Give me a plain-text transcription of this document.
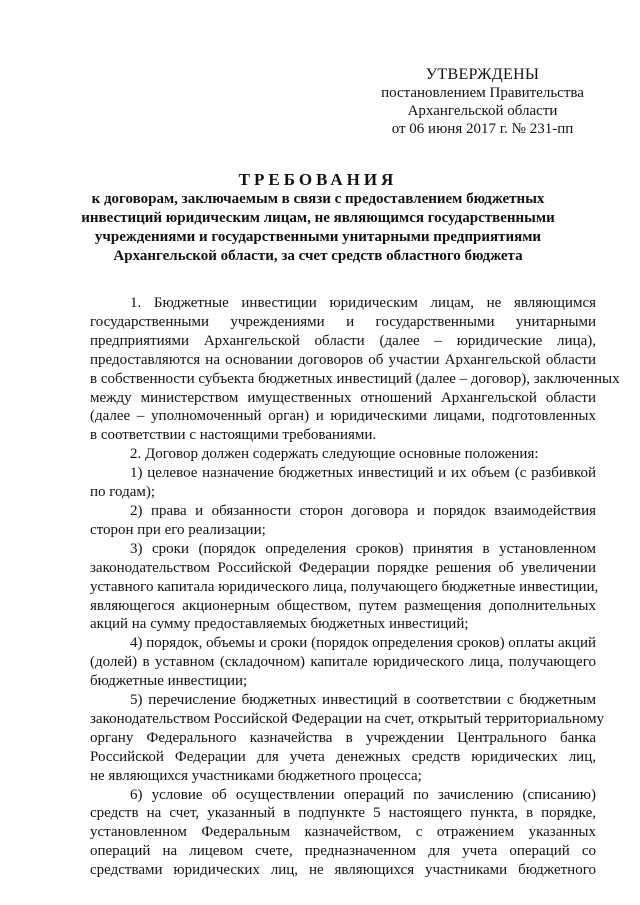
УТВЕРЖДЕНЫ
постановлением Правительства
Архангельской области
от 06 июня 2017 г. № 231-пп
ТРЕБОВАНИЯ
к договорам, заключаемым в связи с предоставлением бюджетных
инвестиций юридическим лицам, не являющимся государственными
учреждениями и государственными унитарными предприятиями
Архангельской области, за счет средств областного бюджета
1. Бюджетные инвестиции юридическим лицам, не являющимся
государственными учреждениями и государственными унитарными
предприятиями Архангельской области (далее – юридические лица),
предоставляются на основании договоров об участии Архангельской области
в собственности субъекта бюджетных инвестиций (далее – договор), заключенных
между министерством имущественных отношений Архангельской области
(далее – уполномоченный орган) и юридическими лицами, подготовленных
в соответствии с настоящими требованиями.
2. Договор должен содержать следующие основные положения:
1) целевое назначение бюджетных инвестиций и их объем (с разбивкой
по годам);
2) права и обязанности сторон договора и порядок взаимодействия
сторон при его реализации;
3) сроки (порядок определения сроков) принятия в установленном
законодательством Российской Федерации порядке решения об увеличении
уставного капитала юридического лица, получающего бюджетные инвестиции,
являющегося акционерным обществом, путем размещения дополнительных
акций на сумму предоставляемых бюджетных инвестиций;
4) порядок, объемы и сроки (порядок определения сроков) оплаты акций
(долей) в уставном (складочном) капитале юридического лица, получающего
бюджетные инвестиции;
5) перечисление бюджетных инвестиций в соответствии с бюджетным
законодательством Российской Федерации на счет, открытый территориальному
органу Федерального казначейства в учреждении Центрального банка
Российской Федерации для учета денежных средств юридических лиц,
не являющихся участниками бюджетного процесса;
6) условие об осуществлении операций по зачислению (списанию)
средств на счет, указанный в подпункте 5 настоящего пункта, в порядке,
установленном Федеральным казначейством, с отражением указанных
операций на лицевом счете, предназначенном для учета операций со
средствами юридических лиц, не являющихся участниками бюджетного
